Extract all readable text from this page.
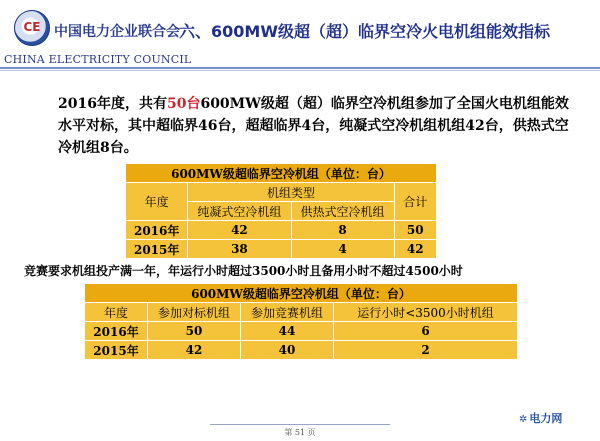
CE 中国电力企业联合会 六、600MW级超（超）临界空冷火电机组能效指标
CHINA ELECTRICITY COUNCIL
2016年度，共有50台600MW级超（超）临界空冷机组参加了全国火电机组能效水平对标，其中超临界46台，超超临界4台，纯凝式空冷机组机组42台，供热式空冷机组8台。
600MW级超临界空冷机组（单位：台）			
年度	机组类型		合计
	纯凝式空冷机组	供热式空冷机组	
2016年	42	8	50
2015年	38	4	42
竞赛要求机组投产满一年，年运行小时超过3500小时且备用小时不超过4500小时
600MW级超临界空冷机组（单位：台）			
年度	参加对标机组	参加竞赛机组	运行小时<3500小时机组
2016年	50	44	6
2015年	42	40	2
✲ 电力网
第 51 页
